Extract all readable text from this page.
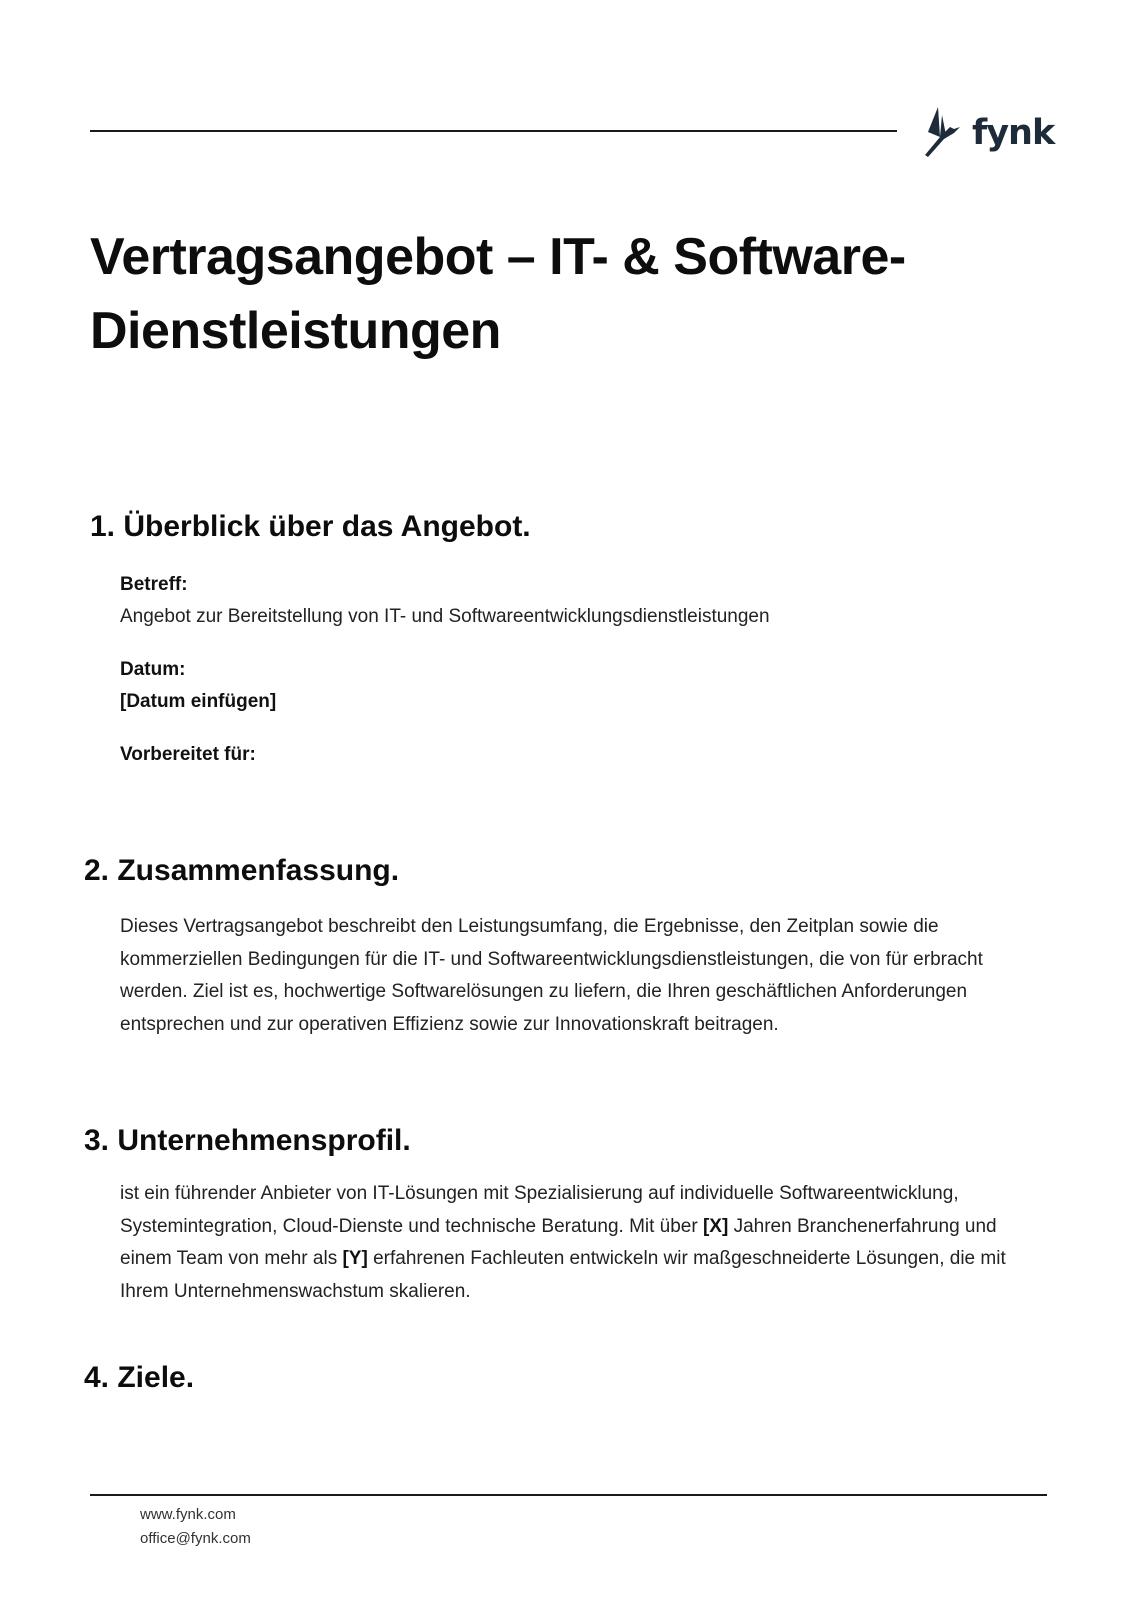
fynk
Vertragsangebot – IT- & Software-Dienstleistungen
1. Überblick über das Angebot.
Betreff:
Angebot zur Bereitstellung von IT- und Softwareentwicklungsdienstleistungen
Datum:
[Datum einfügen]
Vorbereitet für:
2. Zusammenfassung.

Dieses Vertragsangebot beschreibt den Leistungsumfang, die Ergebnisse, den Zeitplan sowie die kommerziellen Bedingungen für die IT- und Softwareentwicklungsdienstleistungen, die von für erbracht werden. Ziel ist es, hochwertige Softwarelösungen zu liefern, die Ihren geschäftlichen Anforderungen entsprechen und zur operativen Effizienz sowie zur Innovationskraft beitragen.

3. Unternehmensprofil.

ist ein führender Anbieter von IT-Lösungen mit Spezialisierung auf individuelle Softwareentwicklung, Systemintegration, Cloud-Dienste und technische Beratung. Mit über [X] Jahren Branchenerfahrung und einem Team von mehr als [Y] erfahrenen Fachleuten entwickeln wir maßgeschneiderte Lösungen, die mit Ihrem Unternehmenswachstum skalieren.

4. Ziele.
www.fynk.com
office@fynk.com
